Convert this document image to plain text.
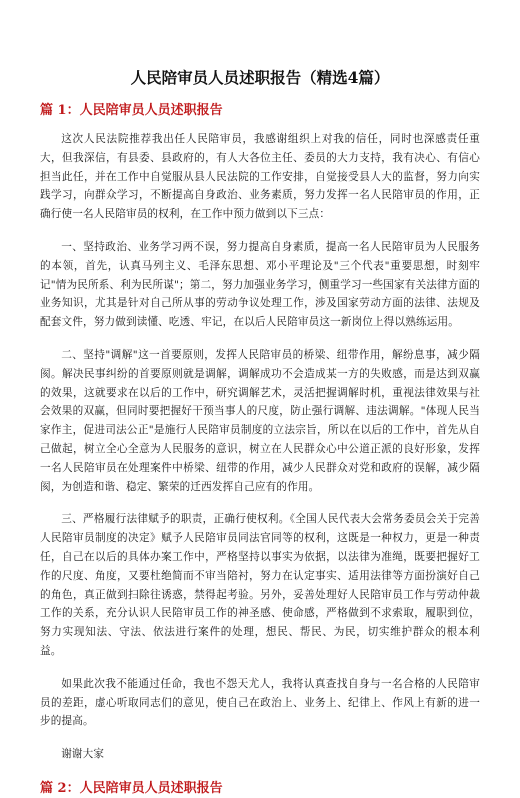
人民陪审员人员述职报告（精选4篇）
篇 1：人民陪审员人员述职报告

这次人民法院推荐我出任人民陪审员，我感谢组织上对我的信任，同时也深感责任重大，但我深信，有县委、县政府的，有人大各位主任、委员的大力支持，我有决心、有信心担当此任，并在工作中自觉服从县人民法院的工作安排，自觉接受县人大的监督，努力向实践学习，向群众学习，不断提高自身政治、业务素质，努力发挥一名人民陪审员的作用，正确行使一名人民陪审员的权利，在工作中预力做到以下三点：

一、坚持政治、业务学习两不误，努力提高自身素质，提高一名人民陪审员为人民服务的本领，首先，认真马列主义、毛泽东思想、邓小平理论及"三个代表"重要思想，时刻牢记"情为民所系、利为民所谋"；第二，努力加强业务学习，侧重学习一些国家有关法律方面的业务知识，尤其是针对自己所从事的劳动争议处理工作，涉及国家劳动方面的法律、法规及配套文件，努力做到读懂、吃透、牢记，在以后人民陪审员这一新岗位上得以熟练运用。

二、坚持"调解"这一首要原则，发挥人民陪审员的桥梁、纽带作用，解纷息事，减少隔阂。解决民事纠纷的首要原则就是调解，调解成功不会造成某一方的失败感，而是达到双赢的效果，这就要求在以后的工作中，研究调解艺术，灵活把握调解时机，重视法律效果与社会效果的双赢，但同时要把握好干预当事人的尺度，防止强行调解、违法调解。"体现人民当家作主，促进司法公正"是施行人民陪审员制度的立法宗旨，所以在以后的工作中，首先从自己做起，树立全心全意为人民服务的意识，树立在人民群众心中公道正派的良好形象，发挥一名人民陪审员在处理案件中桥梁、纽带的作用，减少人民群众对党和政府的误解，减少隔阂，为创造和谐、稳定、繁荣的迁西发挥自己应有的作用。

三、严格履行法律赋予的职责，正确行使权利。《全国人民代表大会常务委员会关于完善人民陪审员制度的决定》赋予人民陪审员同法官同等的权利，这既是一种权力，更是一种责任，自己在以后的具体办案工作中，严格坚持以事实为依据，以法律为准绳，既要把握好工作的尺度、角度，又要杜绝简而不审当陪衬，努力在认定事实、适用法律等方面扮演好自己的角色，真正做到扫除往诱惑，禁得起考验。另外，妥善处理好人民陪审员工作与劳动仲裁工作的关系，充分认识人民陪审员工作的神圣感、使命感，严格做到不求索取，履职到位，努力实现知法、守法、依法进行案件的处理，想民、帮民、为民，切实维护群众的根本利益。

如果此次我不能通过任命，我也不怨天尤人，我将认真查找自身与一名合格的人民陪审员的差距，虚心听取同志们的意见，使自己在政治上、业务上、纪律上、作风上有新的进一步的提高。

谢谢大家

篇 2：人民陪审员人员述职报告
